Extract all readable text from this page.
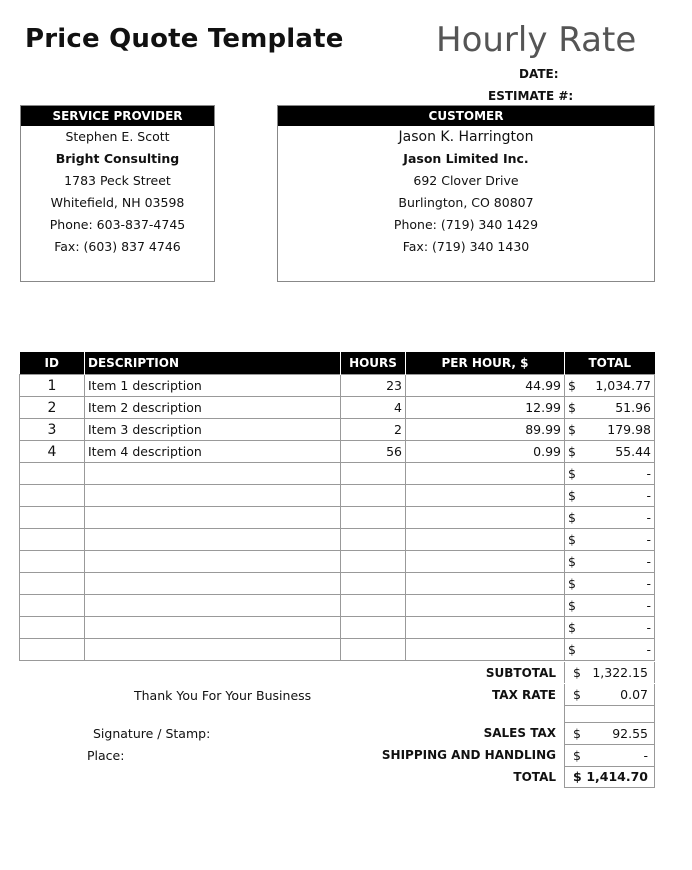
Price Quote Template	Hourly Rate
DATE:
ESTIMATE #:
SERVICE PROVIDER
Stephen E. Scott
Bright Consulting
1783 Peck Street
Whitefield, NH 03598
Phone: 603-837-4745
Fax: (603) 837 4746
CUSTOMER
Jason K. Harrington
Jason Limited Inc.
692 Clover Drive
Burlington, CO 80807
Phone: (719) 340 1429
Fax: (719) 340 1430
ID	DESCRIPTION	HOURS	PER HOUR, $	TOTAL	
1	Item 1 description	23	44.99	$	1,034.77
2	Item 2 description	4	12.99	$	51.96
3	Item 3 description	2	89.99	$	179.98
4	Item 4 description	56	0.99	$	55.44
				$	-
				$	-
				$	-
				$	-
				$	-
				$	-
				$	-
				$	-
				$	-
SUBTOTAL $ 1,322.15
Thank You For Your Business	TAX RATE $	0.07
Signature / Stamp:	SALES TAX $	92.55
Place:	SHIPPING AND HANDLING $	-
TOTAL $ 1,414.70
